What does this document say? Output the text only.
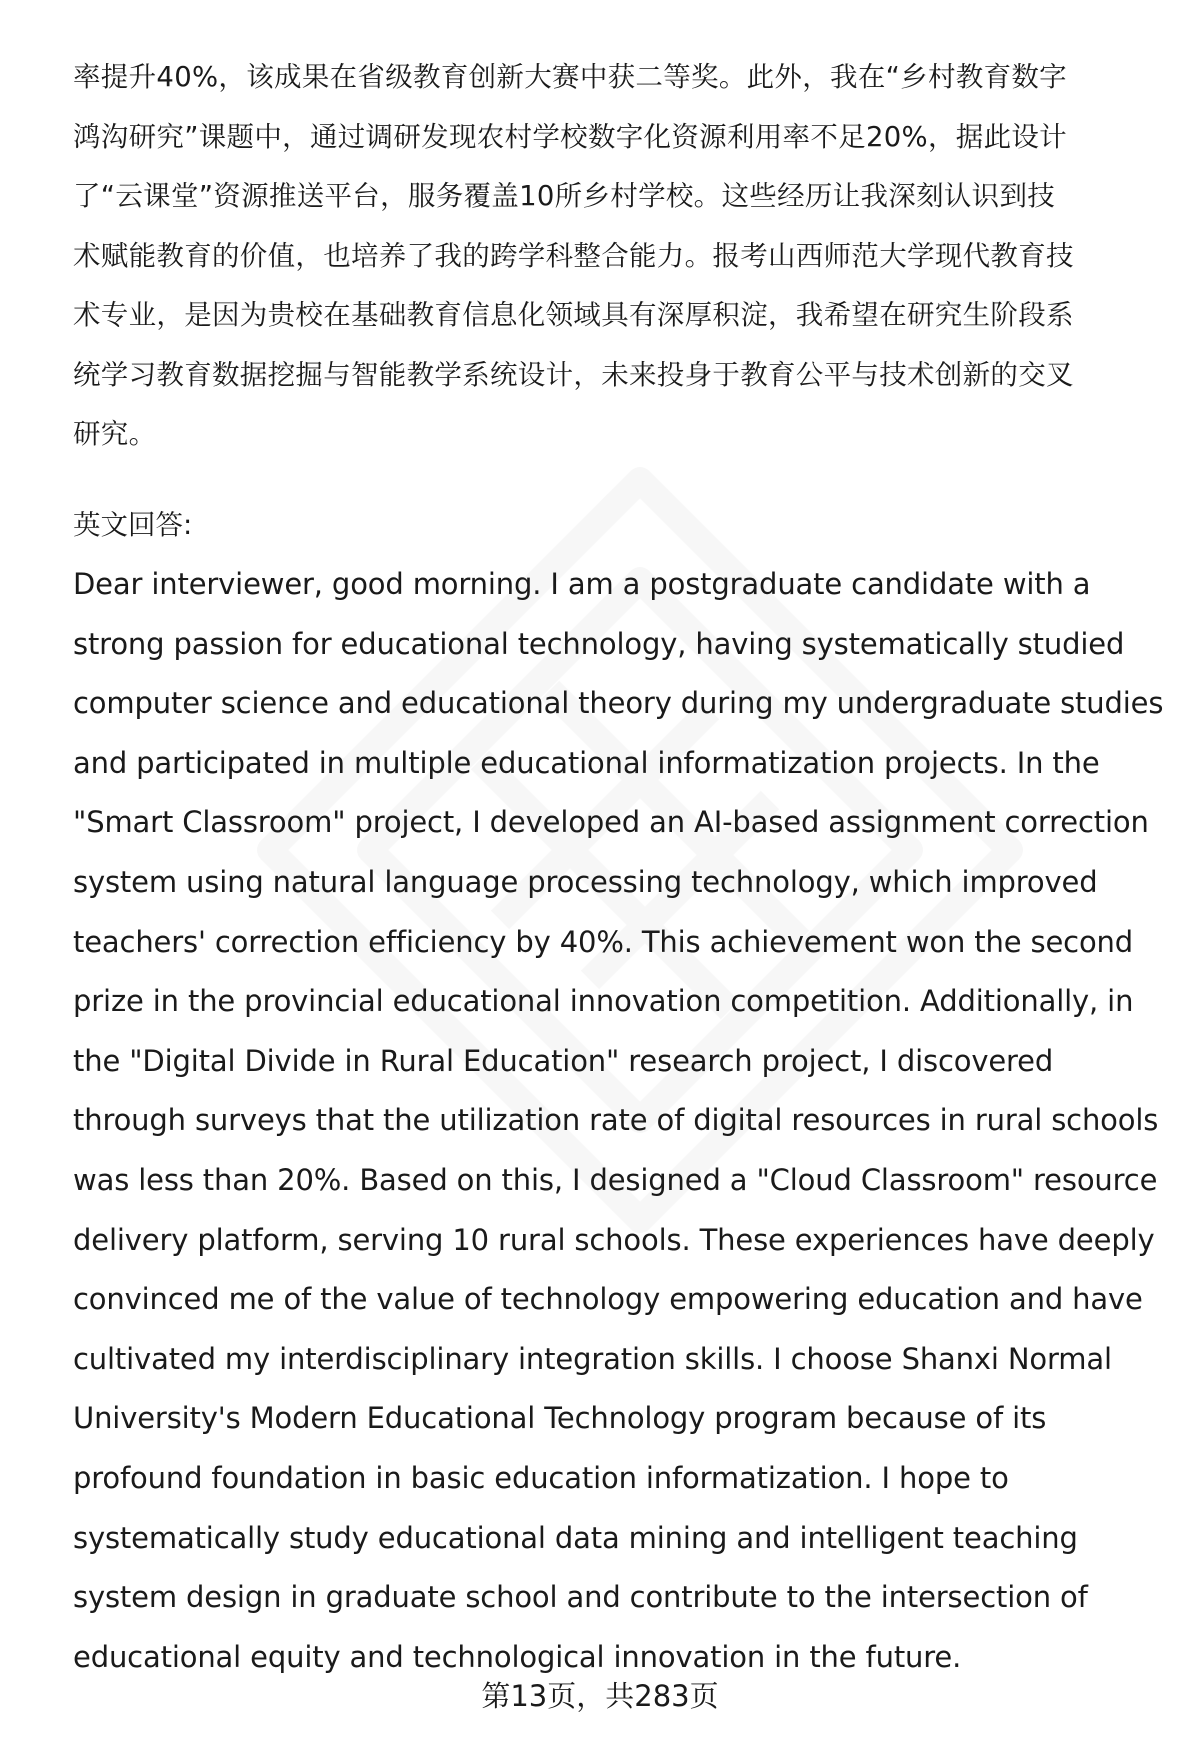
率提升40%，该成果在省级教育创新大赛中获二等奖。此外，我在“乡村教育数字
鸿沟研究”课题中，通过调研发现农村学校数字化资源利用率不足20%，据此设计
了“云课堂”资源推送平台，服务覆盖10所乡村学校。这些经历让我深刻认识到技
术赋能教育的价值，也培养了我的跨学科整合能力。报考山西师范大学现代教育技
术专业，是因为贵校在基础教育信息化领域具有深厚积淀，我希望在研究生阶段系
统学习教育数据挖掘与智能教学系统设计，未来投身于教育公平与技术创新的交叉
研究。
英文回答:
Dear interviewer, good morning. I am a postgraduate candidate with a
strong passion for educational technology, having systematically studied
computer science and educational theory during my undergraduate studies
and participated in multiple educational informatization projects. In the
"Smart Classroom" project, I developed an AI-based assignment correction
system using natural language processing technology, which improved
teachers' correction efficiency by 40%. This achievement won the second
prize in the provincial educational innovation competition. Additionally, in
the "Digital Divide in Rural Education" research project, I discovered
through surveys that the utilization rate of digital resources in rural schools
was less than 20%. Based on this, I designed a "Cloud Classroom" resource
delivery platform, serving 10 rural schools. These experiences have deeply
convinced me of the value of technology empowering education and have
cultivated my interdisciplinary integration skills. I choose Shanxi Normal
University's Modern Educational Technology program because of its
profound foundation in basic education informatization. I hope to
systematically study educational data mining and intelligent teaching
system design in graduate school and contribute to the intersection of
educational equity and technological innovation in the future.
第13页，共283页
